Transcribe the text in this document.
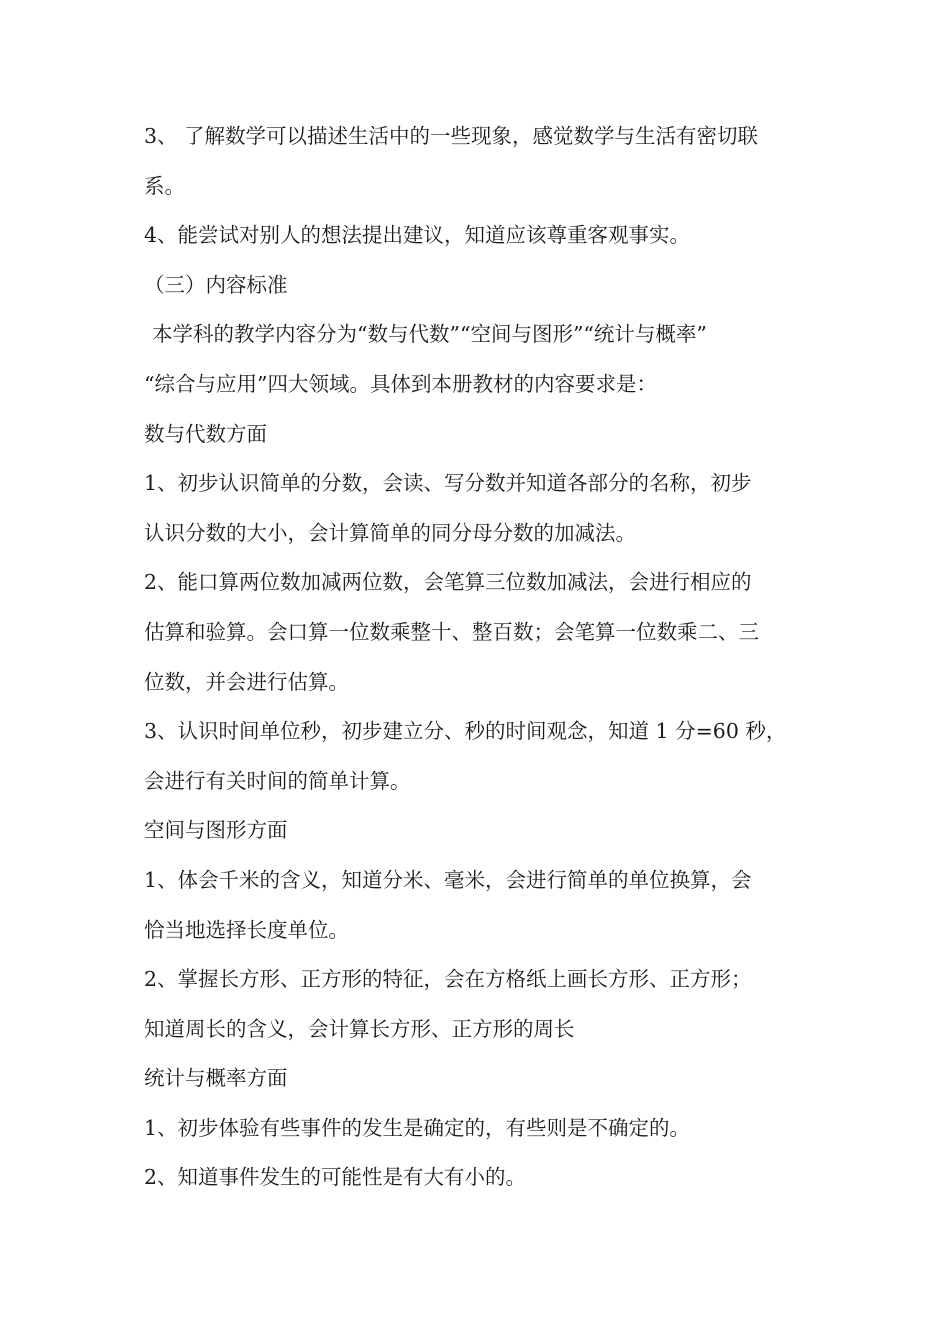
3、 了解数学可以描述生活中的一些现象，感觉数学与生活有密切联
系。
4、能尝试对别人的想法提出建议，知道应该尊重客观事实。
（三）内容标准
本学科的教学内容分为“数与代数”“空间与图形”“统计与概率”
“综合与应用”四大领域。具体到本册教材的内容要求是：
数与代数方面
1、初步认识简单的分数，会读、写分数并知道各部分的名称，初步
认识分数的大小，会计算简单的同分母分数的加减法。
2、能口算两位数加减两位数，会笔算三位数加减法，会进行相应的
估算和验算。会口算一位数乘整十、整百数；会笔算一位数乘二、三
位数，并会进行估算。
3、认识时间单位秒，初步建立分、秒的时间观念，知道 1 分=60 秒，
会进行有关时间的简单计算。
空间与图形方面
1、体会千米的含义，知道分米、毫米，会进行简单的单位换算，会
恰当地选择长度单位。
2、掌握长方形、正方形的特征，会在方格纸上画长方形、正方形；
知道周长的含义，会计算长方形、正方形的周长
统计与概率方面
1、初步体验有些事件的发生是确定的，有些则是不确定的。
2、知道事件发生的可能性是有大有小的。
